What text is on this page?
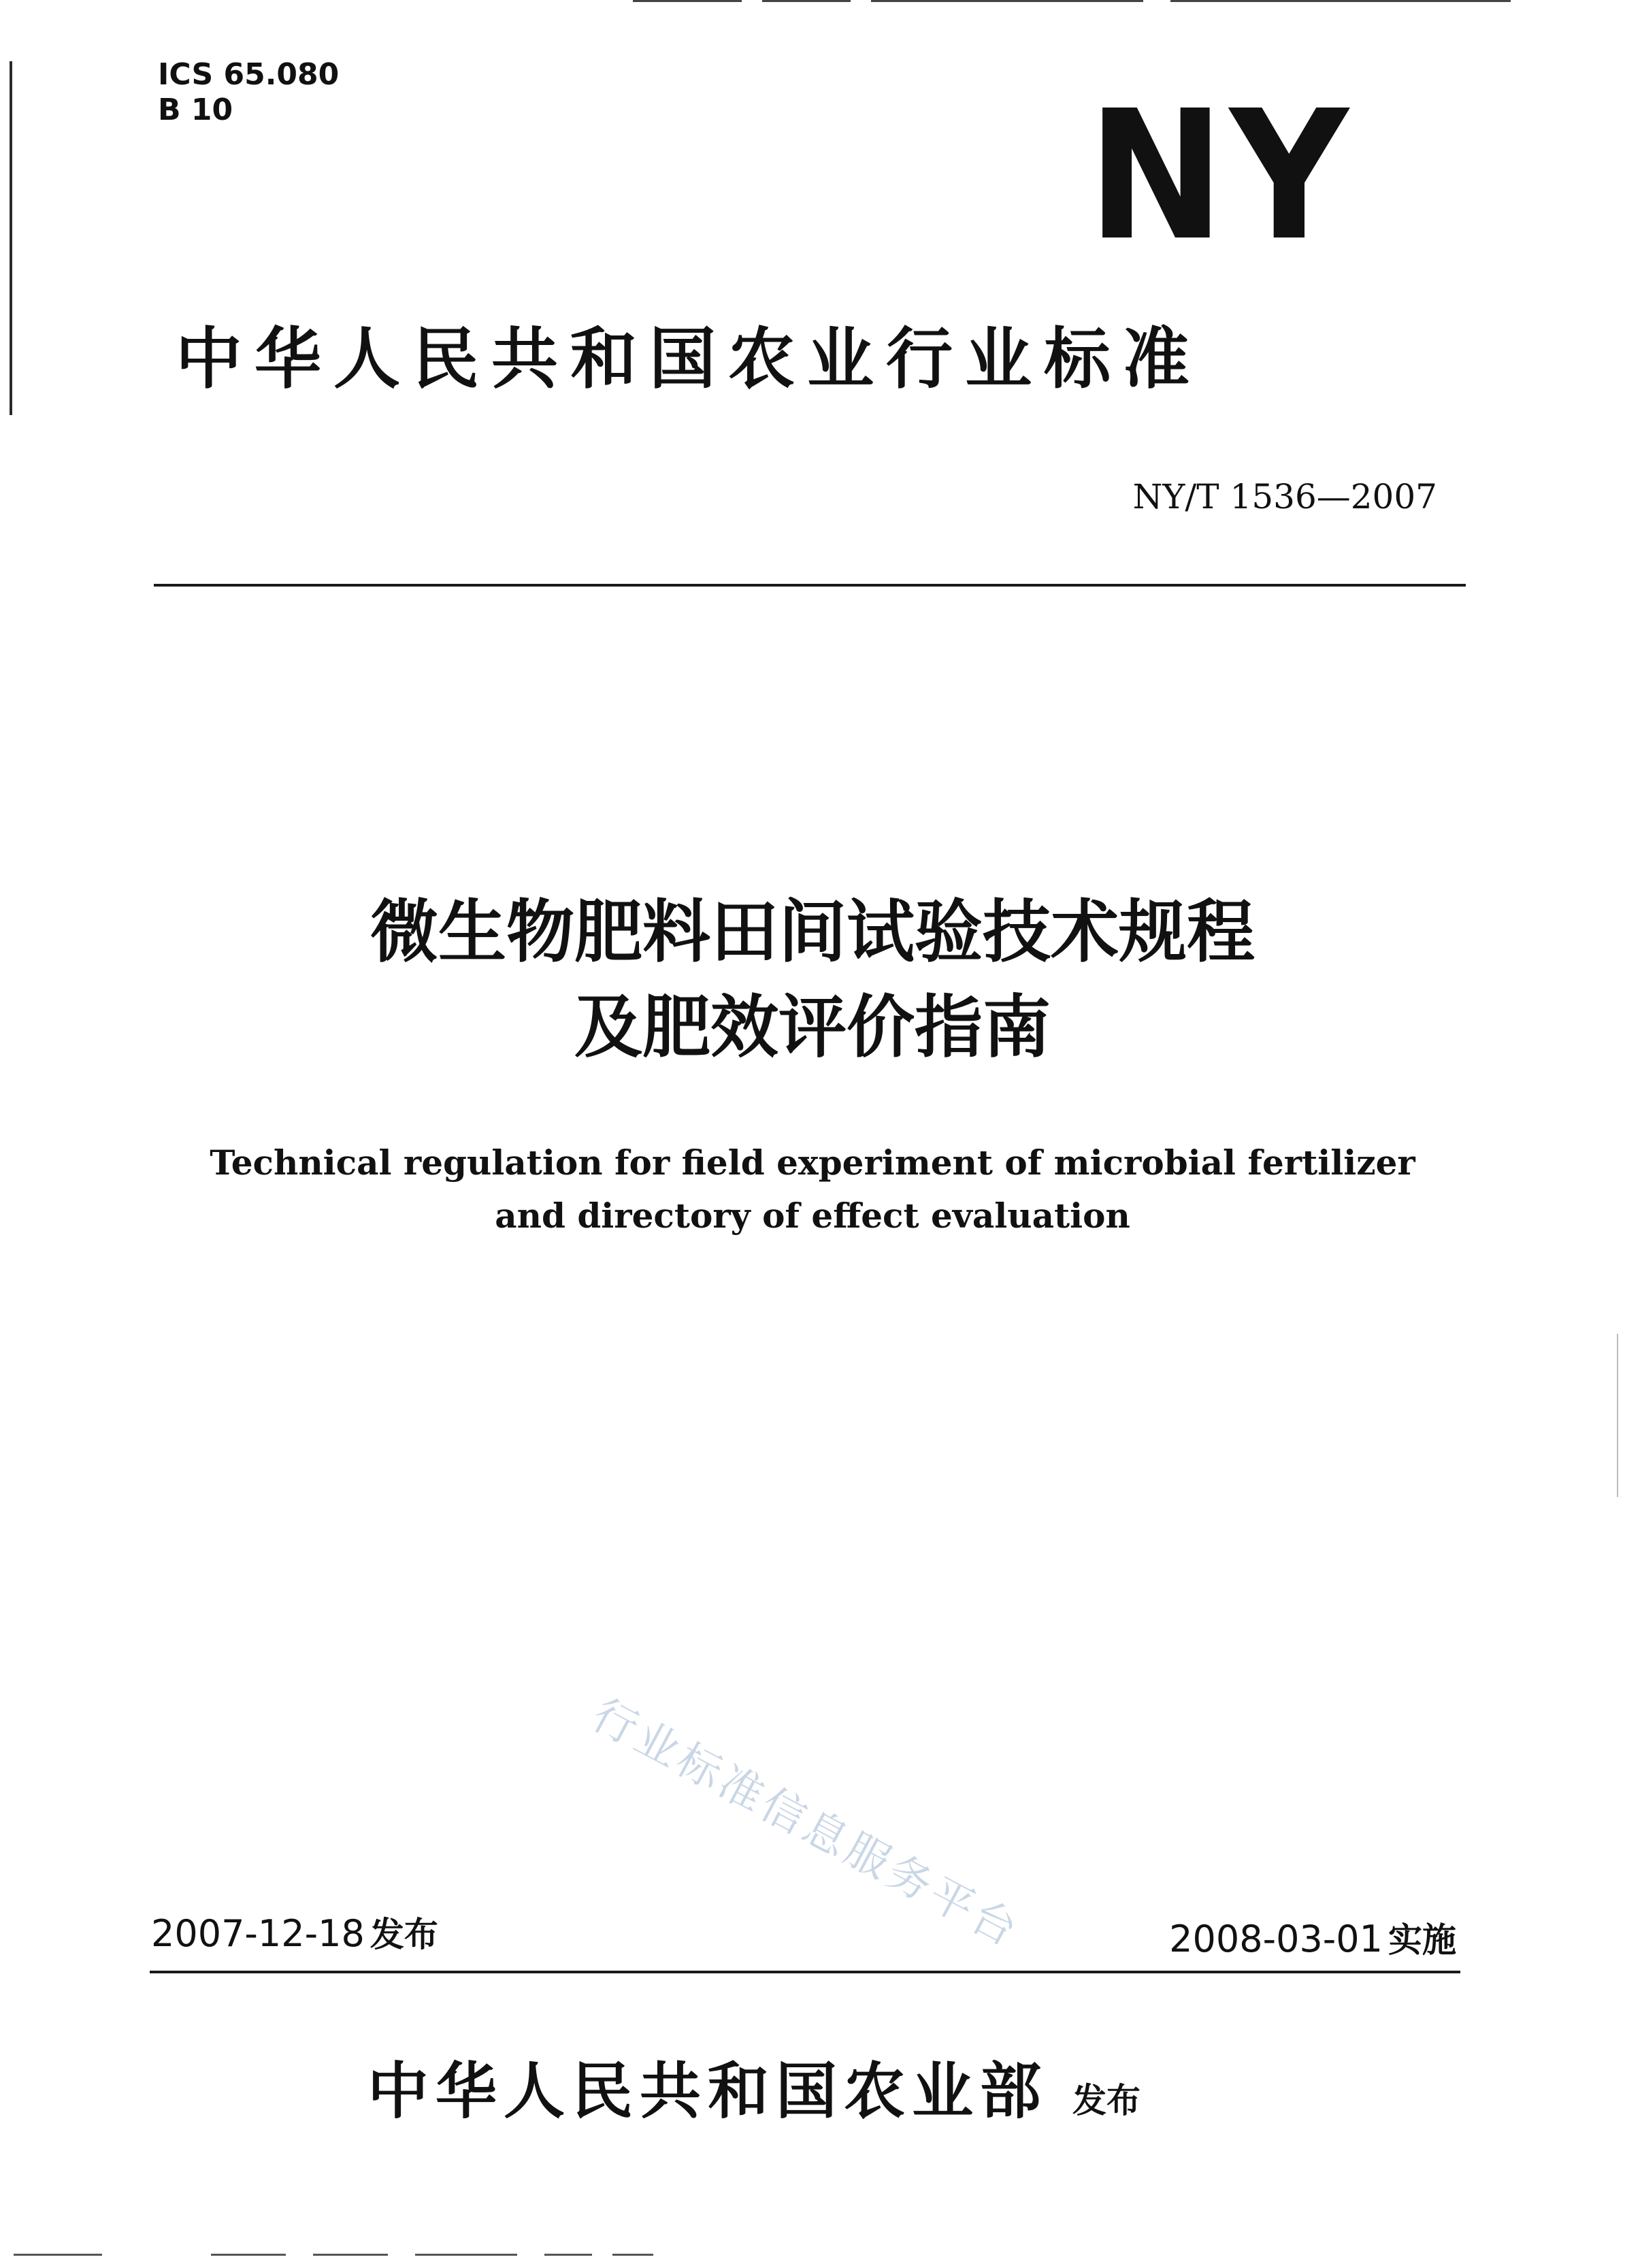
ICS 65.080
B 10	NY
中华人民共和国农业行业标准
NY/T 1536—2007
微生物肥料田间试验技术规程
及肥效评价指南
Technical regulation for field experiment of microbial fertilizer
and directory of effect evaluation
行业标准信息服务平台
2007-12-18 发布	2008-03-01 实施
中华人民共和国农业部 发布
